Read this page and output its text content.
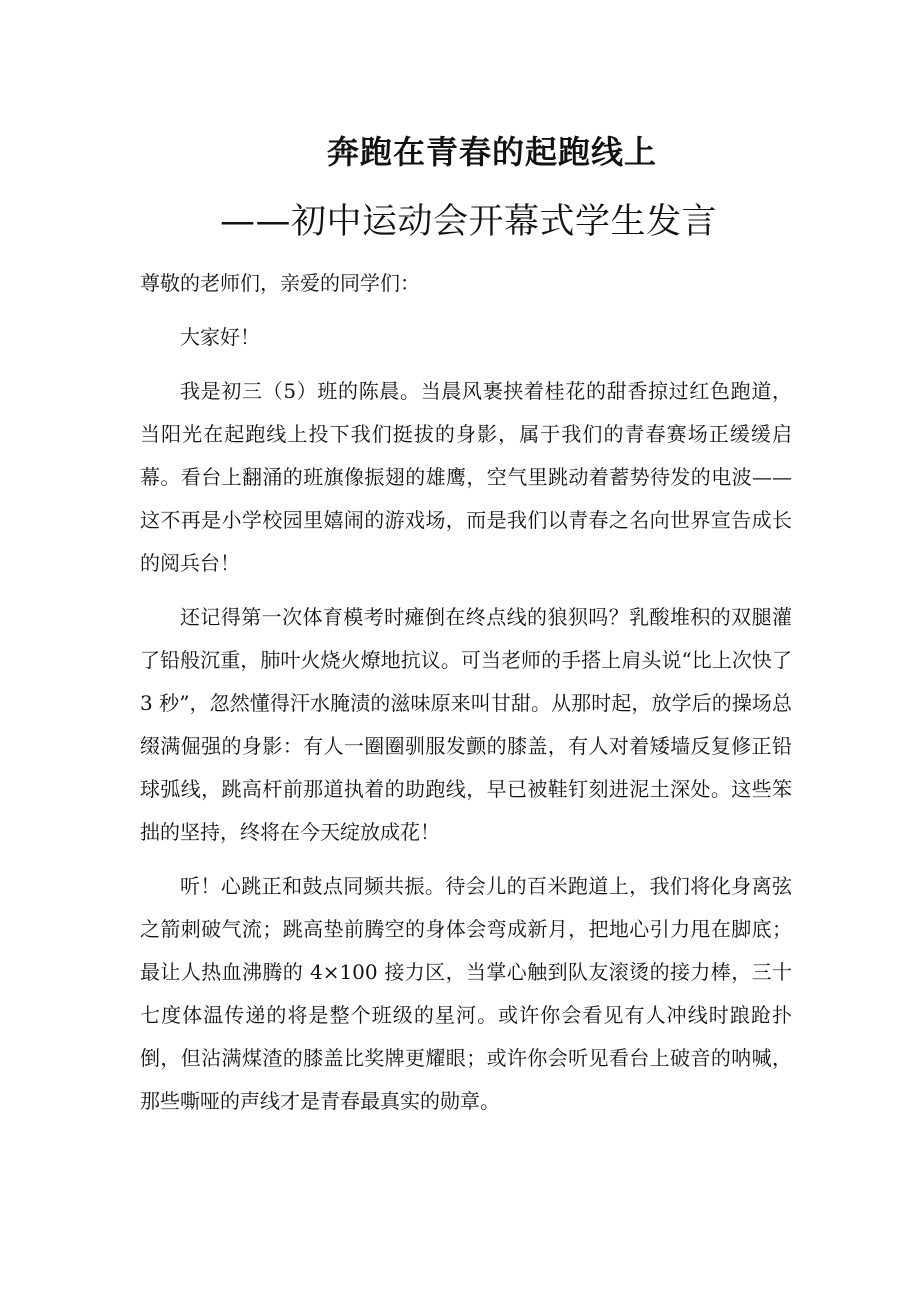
奔跑在青春的起跑线上
——初中运动会开幕式学生发言

尊敬的老师们，亲爱的同学们：

大家好！

我是初三（5）班的陈晨。当晨风裹挟着桂花的甜香掠过红色跑道，当阳光在起跑线上投下我们挺拔的身影，属于我们的青春赛场正缓缓启幕。看台上翻涌的班旗像振翅的雄鹰，空气里跳动着蓄势待发的电波——这不再是小学校园里嬉闹的游戏场，而是我们以青春之名向世界宣告成长的阅兵台！

还记得第一次体育模考时瘫倒在终点线的狼狈吗？乳酸堆积的双腿灌了铅般沉重，肺叶火烧火燎地抗议。可当老师的手搭上肩头说“比上次快了 3 秒”，忽然懂得汗水腌渍的滋味原来叫甘甜。从那时起，放学后的操场总缀满倔强的身影：有人一圈圈驯服发颤的膝盖，有人对着矮墙反复修正铅球弧线，跳高杆前那道执着的助跑线，早已被鞋钉刻进泥土深处。这些笨拙的坚持，终将在今天绽放成花！

听！心跳正和鼓点同频共振。待会儿的百米跑道上，我们将化身离弦之箭刺破气流；跳高垫前腾空的身体会弯成新月，把地心引力甩在脚底；最让人热血沸腾的 4×100 接力区，当掌心触到队友滚烫的接力棒，三十七度体温传递的将是整个班级的星河。或许你会看见有人冲线时踉跄扑倒，但沾满煤渣的膝盖比奖牌更耀眼；或许你会听见看台上破音的呐喊，那些嘶哑的声线才是青春最真实的勋章。
